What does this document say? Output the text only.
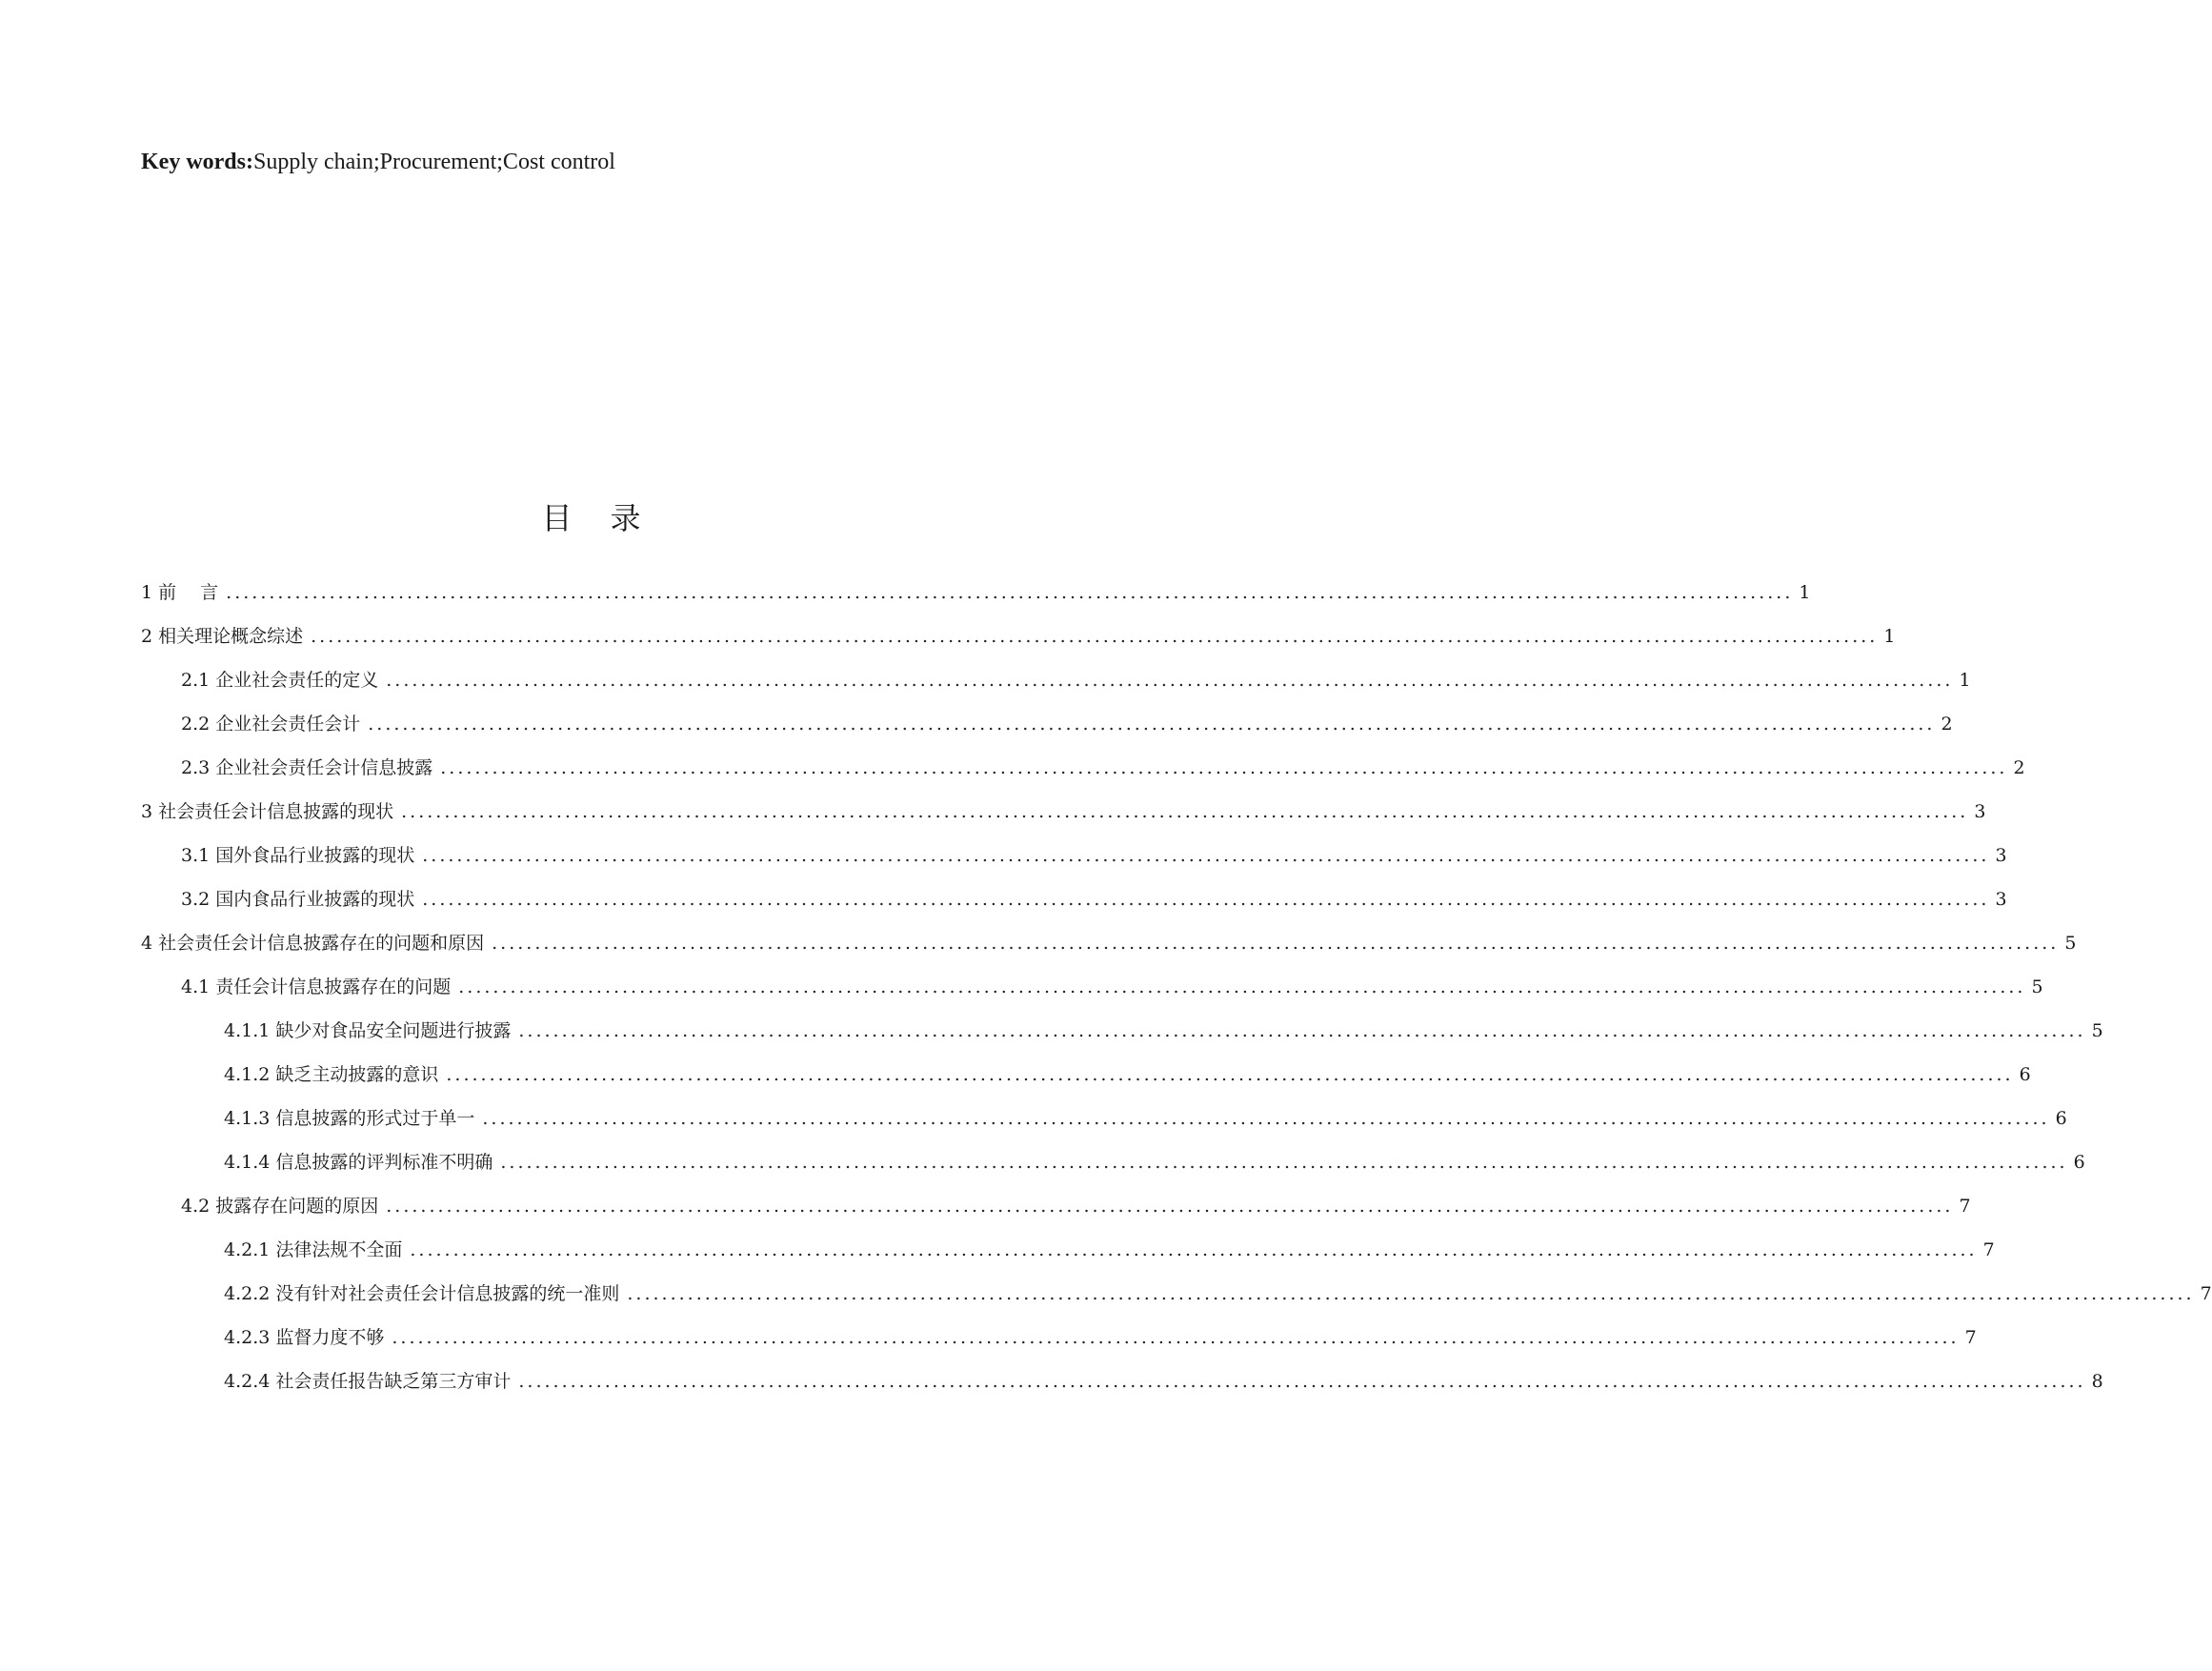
Key words:Supply chain;Procurement;Cost control
目 录
1 前　 言 ...................................................................................................................................................................................... 1
2 相关理论概念综述 ...................................................................................................................................................................................... 1
2.1 企业社会责任的定义 ...................................................................................................................................................................................... 1
2.2 企业社会责任会计 ...................................................................................................................................................................................... 2
2.3 企业社会责任会计信息披露 ...................................................................................................................................................................................... 2
3 社会责任会计信息披露的现状 ...................................................................................................................................................................................... 3
3.1 国外食品行业披露的现状 ...................................................................................................................................................................................... 3
3.2 国内食品行业披露的现状 ...................................................................................................................................................................................... 3
4 社会责任会计信息披露存在的问题和原因 ...................................................................................................................................................................................... 5
4.1 责任会计信息披露存在的问题 ...................................................................................................................................................................................... 5
4.1.1 缺少对食品安全问题进行披露 ...................................................................................................................................................................................... 5
4.1.2 缺乏主动披露的意识 ...................................................................................................................................................................................... 6
4.1.3 信息披露的形式过于单一 ...................................................................................................................................................................................... 6
4.1.4 信息披露的评判标准不明确 ...................................................................................................................................................................................... 6
4.2 披露存在问题的原因 ...................................................................................................................................................................................... 7
4.2.1 法律法规不全面 ...................................................................................................................................................................................... 7
4.2.2 没有针对社会责任会计信息披露的统一准则 ...................................................................................................................................................................................... 7
4.2.3 监督力度不够 ...................................................................................................................................................................................... 7
4.2.4 社会责任报告缺乏第三方审计 ...................................................................................................................................................................................... 8
